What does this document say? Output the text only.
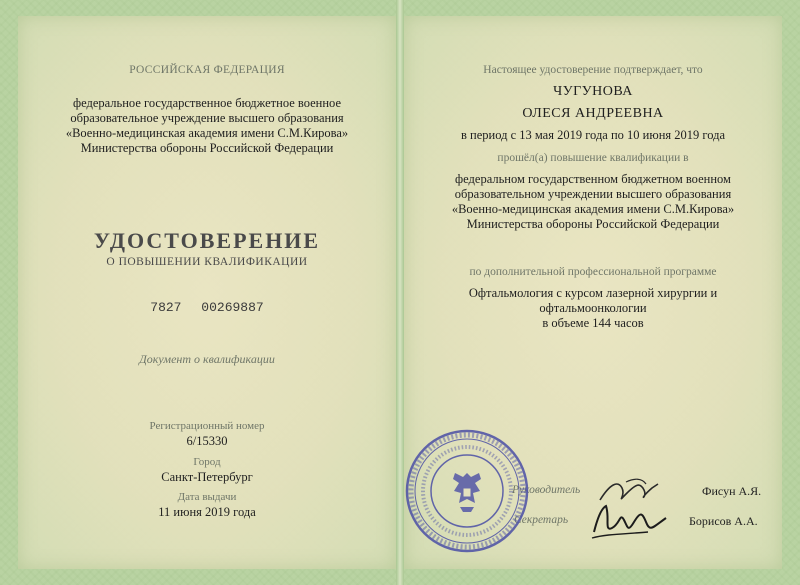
РОССИЙСКАЯ ФЕДЕРАЦИЯ
федеральное государственное бюджетное военное
образовательное учреждение высшего образования
«Военно-медицинская академия имени С.М.Кирова»
Министерства обороны Российской Федерации
УДОСТОВЕРЕНИЕ
О ПОВЫШЕНИИ КВАЛИФИКАЦИИ
7827 00269887
Документ о квалификации
Регистрационный номер
6/15330
Город
Санкт-Петербург
Дата выдачи
11 июня 2019 года
Настоящее удостоверение подтверждает, что
ЧУГУНОВА
ОЛЕСЯ АНДРЕЕВНА
в период с 13 мая 2019 года по 10 июня 2019 года
прошёл(а) повышение квалификации в
федеральном государственном бюджетном военном
образовательном учреждении высшего образования
«Военно-медицинская академия имени С.М.Кирова»
Министерства обороны Российской Федерации
по дополнительной профессиональной программе
Офтальмология с курсом лазерной хирургии и
офтальмоонкологии
в объеме 144 часов
Руководитель	Фисун А.Я.
Секретарь	Борисов А.А.
